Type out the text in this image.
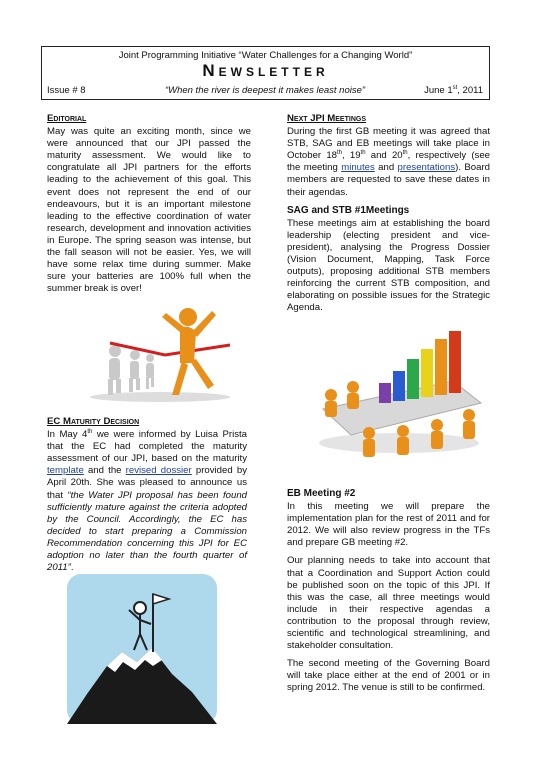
Joint Programming Initiative “Water Challenges for a Changing World”
Newsletter
Issue # 8	“When the river is deepest it makes least noise”	June 1st, 2011
Editorial

May was quite an exciting month, since we were announced that our JPI passed the maturity assessment. We would like to congratulate all JPI partners for the efforts leading to the achievement of this goal. This event does not represent the end of our endeavours, but it is an important milestone leading to the effective coordination of water research, development and innovation activities in Europe. The spring season was intense, but the fall season will not be easier. Yes, we will have some relax time during summer. Make sure your batteries are 100% full when the summer break is over!

EC Maturity Decision

In May 4th we were informed by Luisa Prista that the EC had completed the maturity assessment of our JPI, based on the maturity template and the revised dossier provided by April 20th. She was pleased to announce us that “the Water JPI proposal has been found sufficiently mature against the criteria adopted by the Council. Accordingly, the EC has decided to start preparing a Commission Recommendation concerning this JPI for EC adoption no later than the fourth quarter of 2011”.

Next JPI Meetings

During the first GB meeting it was agreed that STB, SAG and EB meetings will take place in October 18th, 19th and 20th, respectively (see the meeting minutes and presentations). Board members are requested to save these dates in their agendas.

SAG and STB #1Meetings

These meetings aim at establishing the board leadership (electing president and vice-president), analysing the Progress Dossier (Vision Document, Mapping, Task Force outputs), proposing additional STB members reinforcing the current STB composition, and elaborating on possible issues for the Strategic Agenda.

EB Meeting #2

In this meeting we will prepare the implementation plan for the rest of 2011 and for 2012. We will also review progress in the TFs and prepare GB meeting #2.

Our planning needs to take into account that that a Coordination and Support Action could be published soon on the topic of this JPI. If this was the case, all three meetings would include in their respective agendas a contribution to the proposal through review, scientific and technological streamlining, and stakeholder consultation.

The second meeting of the Governing Board will take place either at the end of 2001 or in spring 2012. The venue is still to be confirmed.
